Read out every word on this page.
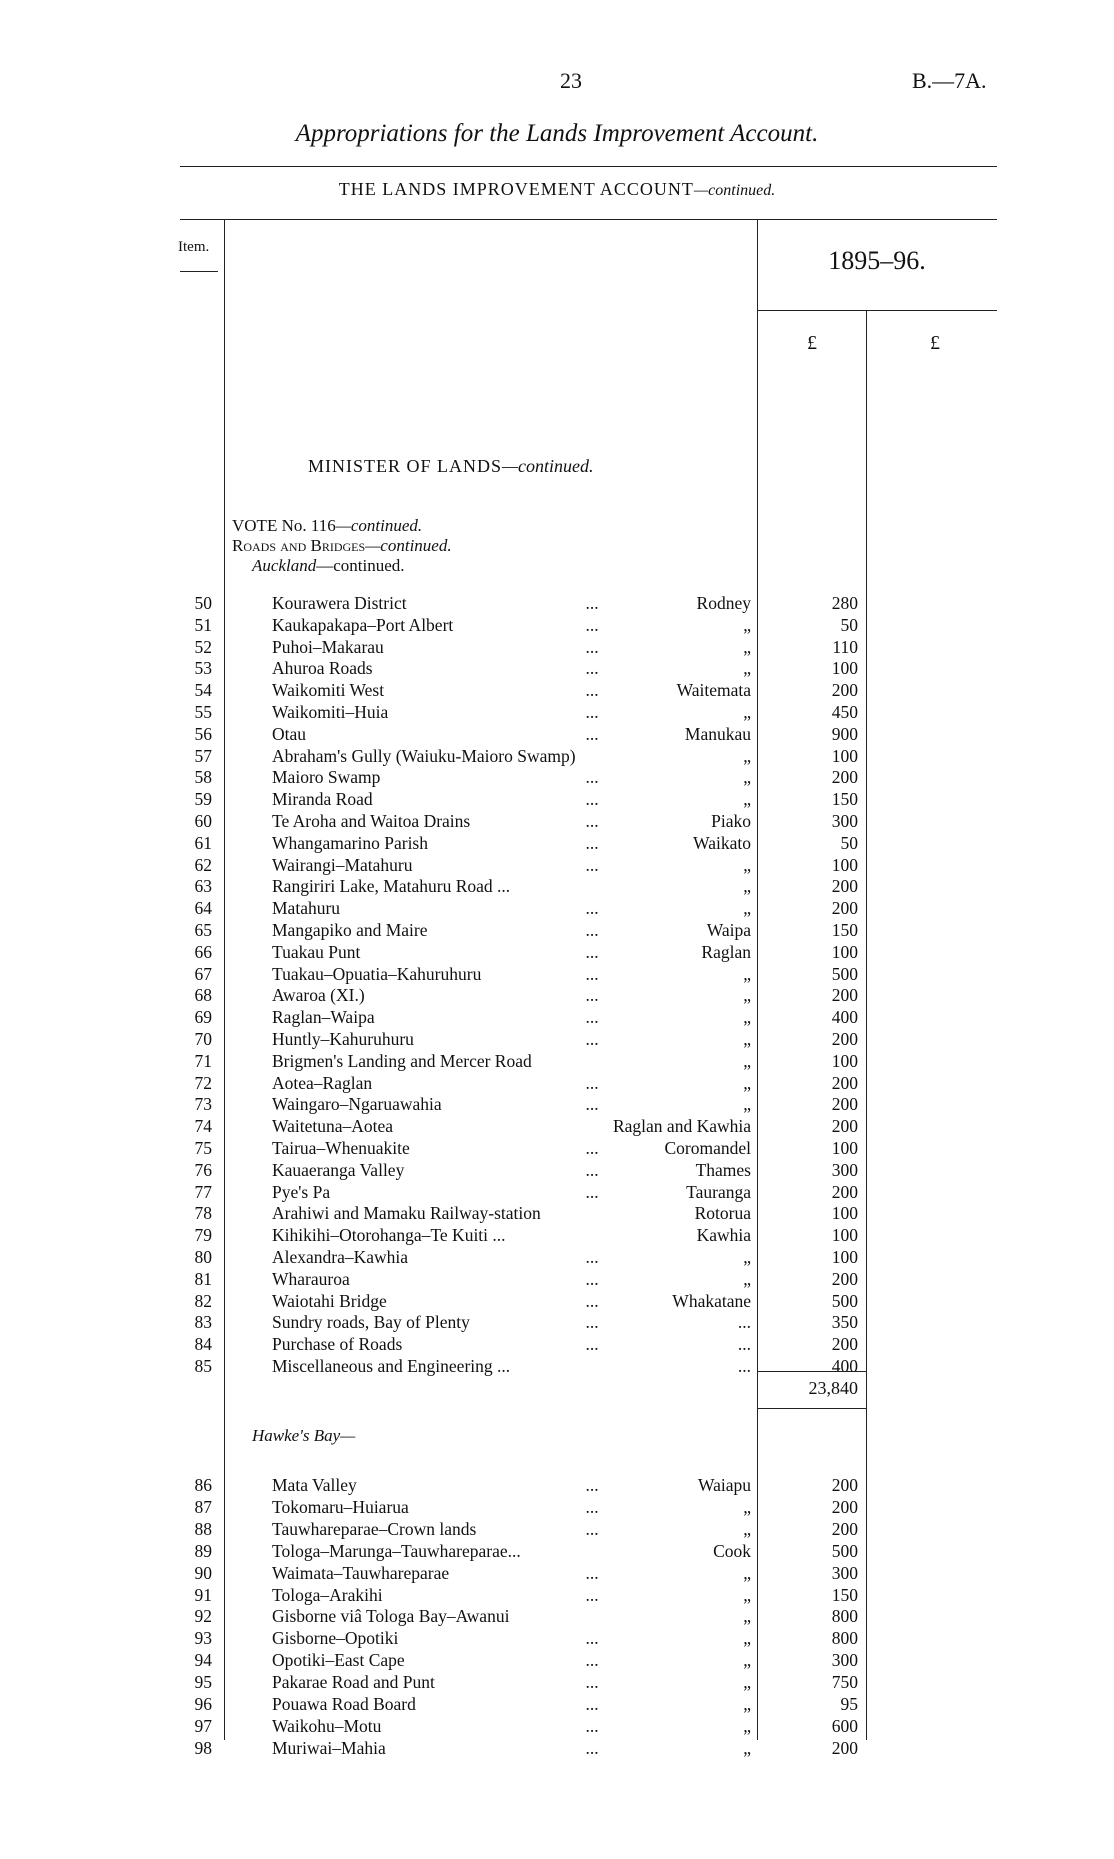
23	B.—7A.
Appropriations for the Lands Improvement Account.
THE LANDS IMPROVEMENT ACCOUNT—continued.
Item.	1895–96.
£	£
MINISTER OF LANDS—continued.
VOTE No. 116—continued.
Roads and Bridges—continued.
Auckland—continued.
50	Kourawera District	...	Rodney	280
51	Kaukapakapa–Port Albert	...	„	50
52	Puhoi–Makarau	...	„	110
53	Ahuroa Roads	...	„	100
54	Waikomiti West	...	Waitemata	200
55	Waikomiti–Huia	...	„	450
56	Otau	...	Manukau	900
57	Abraham's Gully (Waiuku-Maioro Swamp)	„	100
58	Maioro Swamp	...	„	200
59	Miranda Road	...	„	150
60	Te Aroha and Waitoa Drains	...	Piako	300
61	Whangamarino Parish	...	Waikato	50
62	Wairangi–Matahuru	...	„	100
63	Rangiriri Lake, Matahuru Road ...	„	200
64	Matahuru	...	„	200
65	Mangapiko and Maire	...	Waipa	150
66	Tuakau Punt	...	Raglan	100
67	Tuakau–Opuatia–Kahuruhuru	...	„	500
68	Awaroa (XI.)	...	„	200
69	Raglan–Waipa	...	„	400
70	Huntly–Kahuruhuru	...	„	200
71	Brigmen's Landing and Mercer Road	„	100
72	Aotea–Raglan	...	„	200
73	Waingaro–Ngaruawahia	...	„	200
74	Waitetuna–Aotea	Raglan and Kawhia	200
75	Tairua–Whenuakite	...	Coromandel	100
76	Kauaeranga Valley	...	Thames	300
77	Pye's Pa	...	Tauranga	200
78	Arahiwi and Mamaku Railway-station	Rotorua	100
79	Kihikihi–Otorohanga–Te Kuiti ...	Kawhia	100
80	Alexandra–Kawhia	...	„	100
81	Wharauroa	...	„	200
82	Waiotahi Bridge	...	Whakatane	500
83	Sundry roads, Bay of Plenty	...	...	350
84	Purchase of Roads	...	...	200
85	Miscellaneous and Engineering ...	...	400
23,840
Hawke's Bay—
86	Mata Valley	...	Waiapu	200
87	Tokomaru–Huiarua	...	„	200
88	Tauwhareparae–Crown lands	...	„	200
89	Tologa–Marunga–Tauwhareparae...	Cook	500
90	Waimata–Tauwhareparae	...	„	300
91	Tologa–Arakihi	...	„	150
92	Gisborne viâ Tologa Bay–Awanui	„	800
93	Gisborne–Opotiki	...	„	800
94	Opotiki–East Cape	...	„	300
95	Pakarae Road and Punt	...	„	750
96	Pouawa Road Board	...	„	95
97	Waikohu–Motu	...	„	600
98	Muriwai–Mahia	...	„	200
